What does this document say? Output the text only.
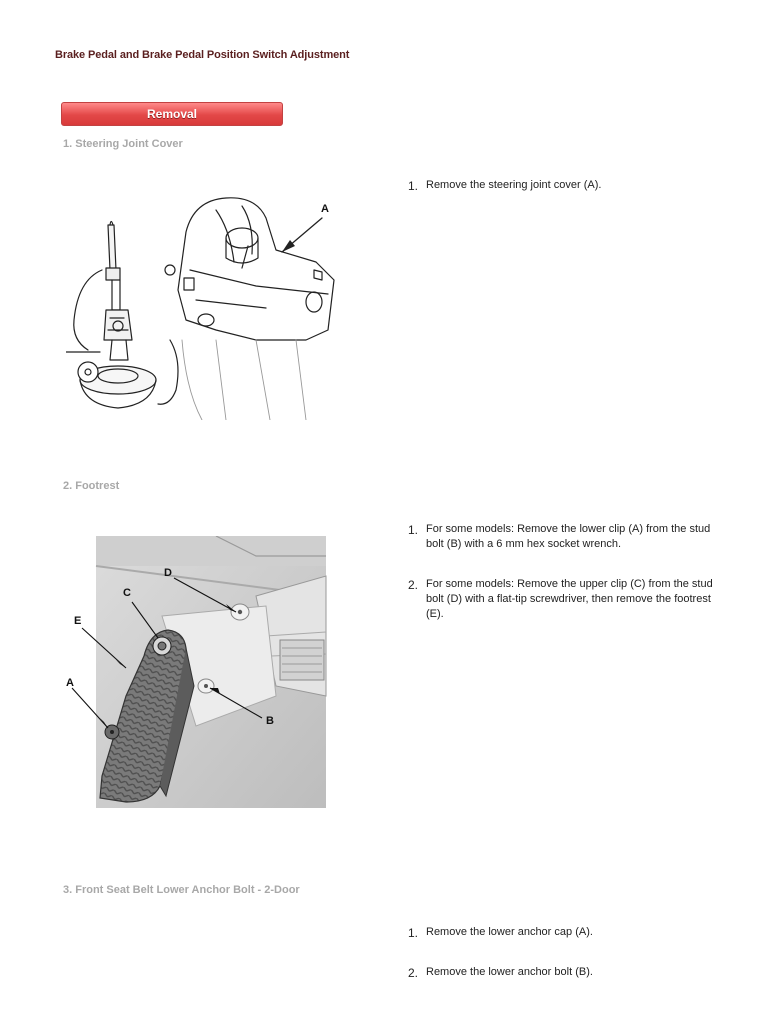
Brake Pedal and Brake Pedal Position Switch Adjustment
Removal
1. Steering Joint Cover
A
1. Remove the steering joint cover (A).
2. Footrest
D
C
E
A
B
1. For some models: Remove the lower clip (A) from the stud bolt (B) with a 6 mm hex socket wrench.
2. For some models: Remove the upper clip (C) from the stud bolt (D) with a flat-tip screwdriver, then remove the footrest (E).
3. Front Seat Belt Lower Anchor Bolt - 2-Door
1. Remove the lower anchor cap (A).
2. Remove the lower anchor bolt (B).
